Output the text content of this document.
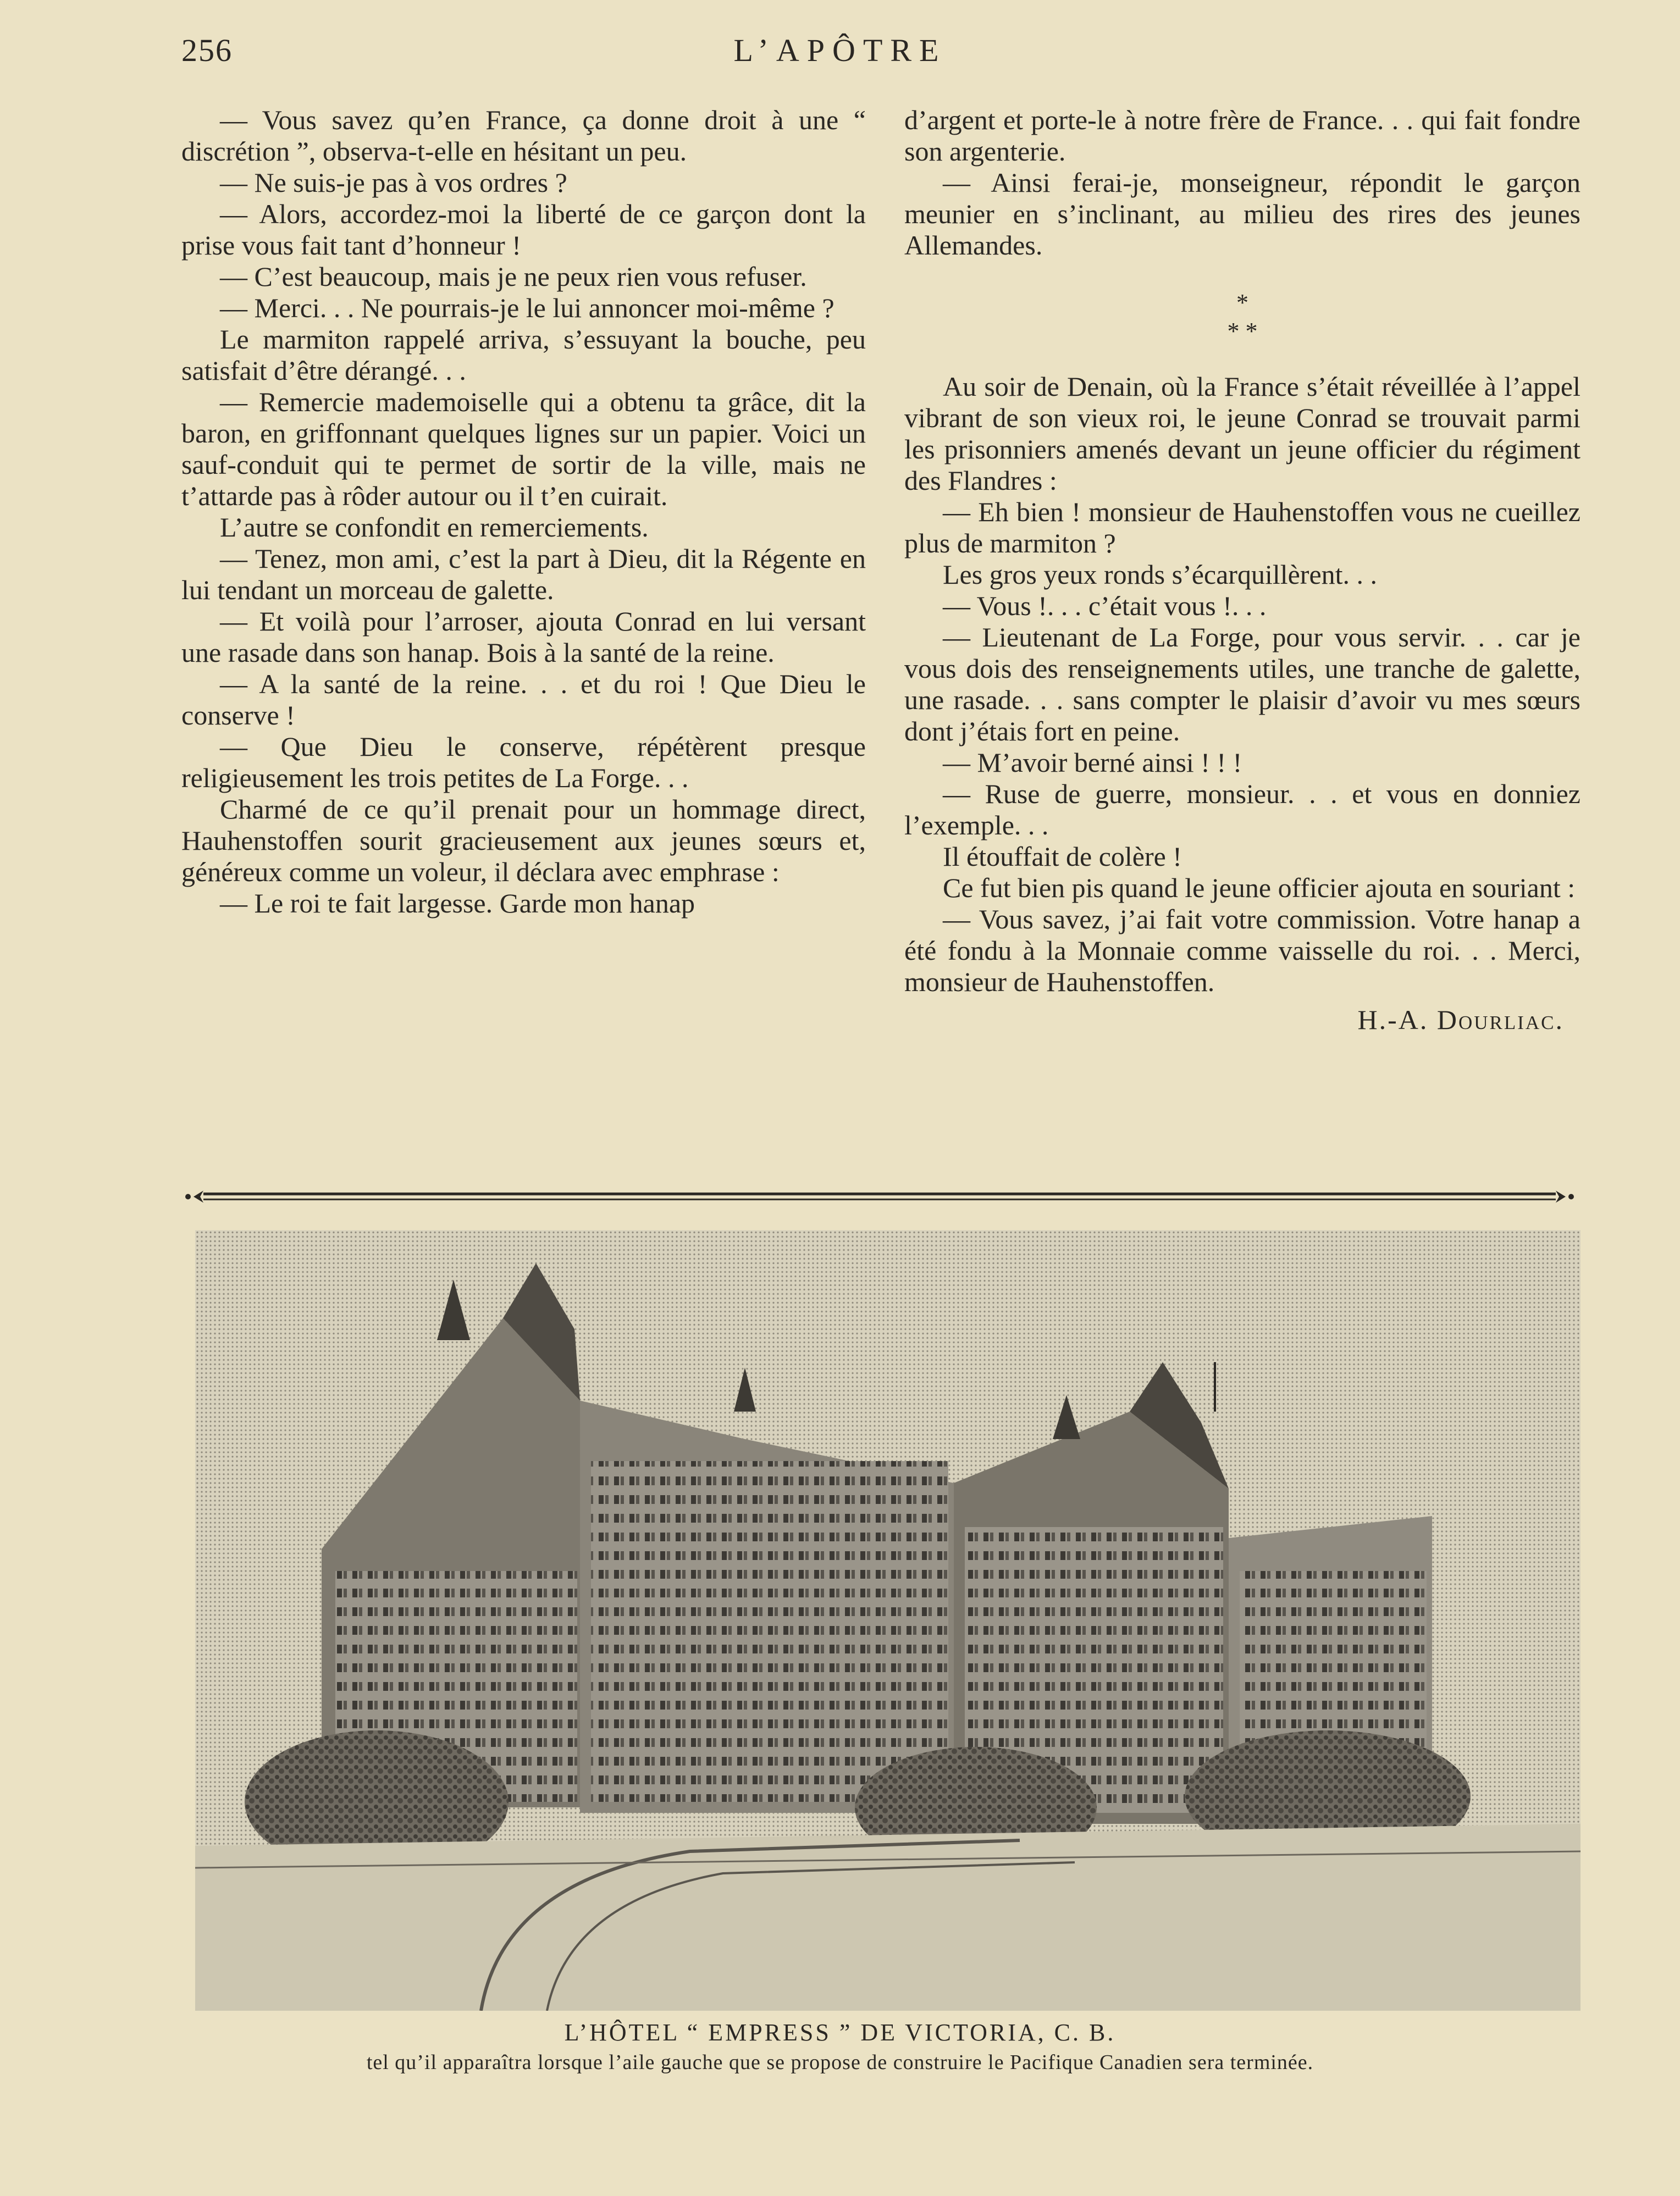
256	L’APÔTRE

— Vous savez qu’en France, ça donne droit à une “ discrétion ”, observa-t-elle en hésitant un peu.

— Ne suis-je pas à vos ordres ?

— Alors, accordez-moi la liberté de ce garçon dont la prise vous fait tant d’honneur !

— C’est beaucoup, mais je ne peux rien vous refuser.

— Merci. . . Ne pourrais-je le lui annoncer moi-même ?

Le marmiton rappelé arriva, s’essuyant la bouche, peu satisfait d’être dérangé. . .

— Remercie mademoiselle qui a obtenu ta grâce, dit la baron, en griffonnant quelques lignes sur un papier. Voici un sauf-conduit qui te permet de sortir de la ville, mais ne t’attarde pas à rôder autour ou il t’en cuirait.

L’autre se confondit en remerciements.

— Tenez, mon ami, c’est la part à Dieu, dit la Régente en lui tendant un morceau de galette.

— Et voilà pour l’arroser, ajouta Conrad en lui versant une rasade dans son hanap. Bois à la santé de la reine.

— A la santé de la reine. . . et du roi ! Que Dieu le conserve !

— Que Dieu le conserve, répétèrent presque religieusement les trois petites de La Forge. . .

Charmé de ce qu’il prenait pour un hommage direct, Hauhenstoffen sourit gracieusement aux jeunes sœurs et, généreux comme un voleur, il déclara avec emphrase :

— Le roi te fait largesse. Garde mon hanap

d’argent et porte-le à notre frère de France. . . qui fait fondre son argenterie.

— Ainsi ferai-je, monseigneur, répondit le garçon meunier en s’inclinant, au milieu des rires des jeunes Allemandes.

*
* *

Au soir de Denain, où la France s’était réveillée à l’appel vibrant de son vieux roi, le jeune Conrad se trouvait parmi les prisonniers amenés devant un jeune officier du régiment des Flandres :

— Eh bien ! monsieur de Hauhenstoffen vous ne cueillez plus de marmiton ?

Les gros yeux ronds s’écarquillèrent. . .

— Vous !. . . c’était vous !. . .

— Lieutenant de La Forge, pour vous servir. . . car je vous dois des renseignements utiles, une tranche de galette, une rasade. . . sans compter le plaisir d’avoir vu mes sœurs dont j’étais fort en peine.

— M’avoir berné ainsi ! ! !

— Ruse de guerre, monsieur. . . et vous en donniez l’exemple. . .

Il étouffait de colère !

Ce fut bien pis quand le jeune officier ajouta en souriant :

— Vous savez, j’ai fait votre commission. Votre hanap a été fondu à la Monnaie comme vaisselle du roi. . . Merci, monsieur de Hauhenstoffen.

H.-A. Dourliac.
L’HÔTEL “ EMPRESS ” DE VICTORIA, C. B.
tel qu’il apparaîtra lorsque l’aile gauche que se propose de construire le Pacifique Canadien sera terminée.
